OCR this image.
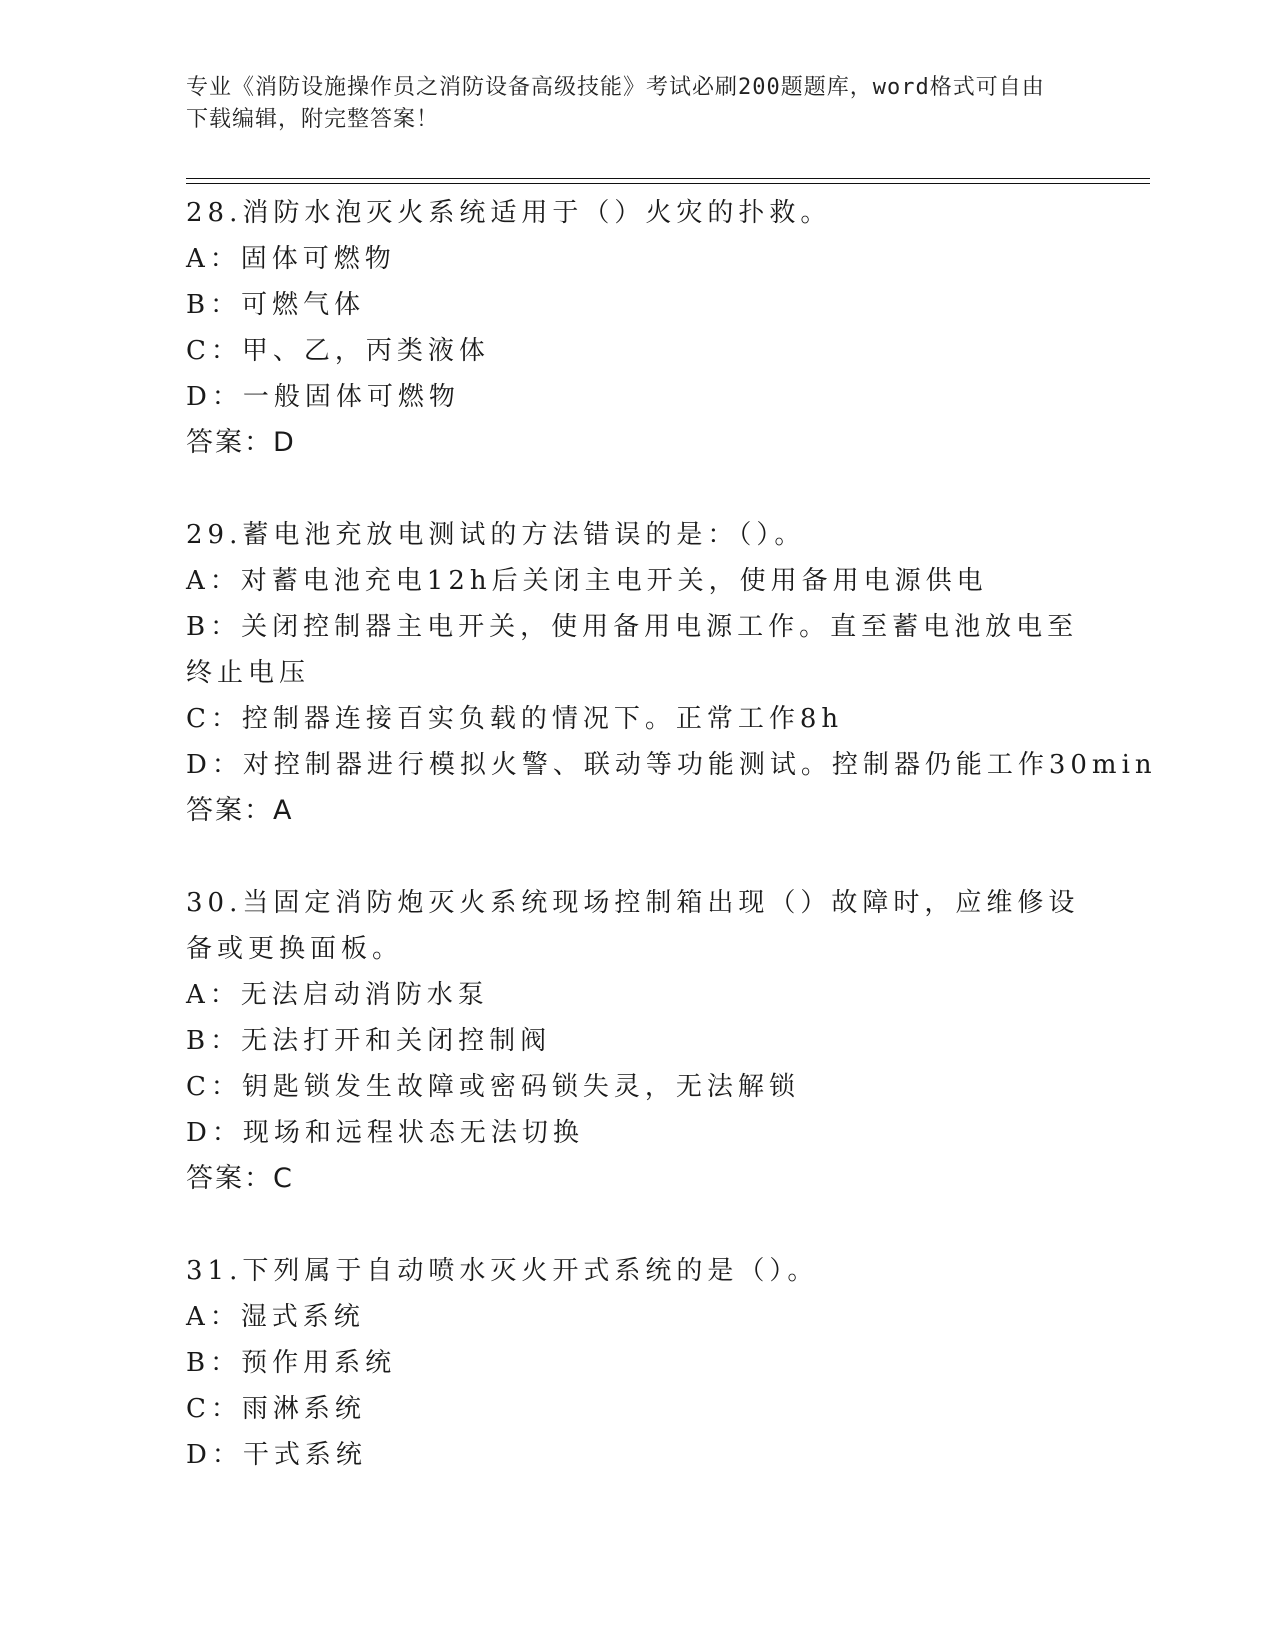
专业《消防设施操作员之消防设备高级技能》考试必刷200题题库，word格式可自由下载编辑，附完整答案！
28.消防水泡灭火系统适用于（）火灾的扑救。
A：固体可燃物
B：可燃气体
C：甲、乙，丙类液体
D：一般固体可燃物
答案：D
29.蓄电池充放电测试的方法错误的是：（）。
A：对蓄电池充电12h后关闭主电开关，使用备用电源供电
B：关闭控制器主电开关，使用备用电源工作。直至蓄电池放电至终止电压
C：控制器连接百实负载的情况下。正常工作8h
D：对控制器进行模拟火警、联动等功能测试。控制器仍能工作30min
答案：A
30.当固定消防炮灭火系统现场控制箱出现（）故障时，应维修设备或更换面板。
A：无法启动消防水泵
B：无法打开和关闭控制阀
C：钥匙锁发生故障或密码锁失灵，无法解锁
D：现场和远程状态无法切换
答案：C
31.下列属于自动喷水灭火开式系统的是（）。
A：湿式系统
B：预作用系统
C：雨淋系统
D：干式系统
